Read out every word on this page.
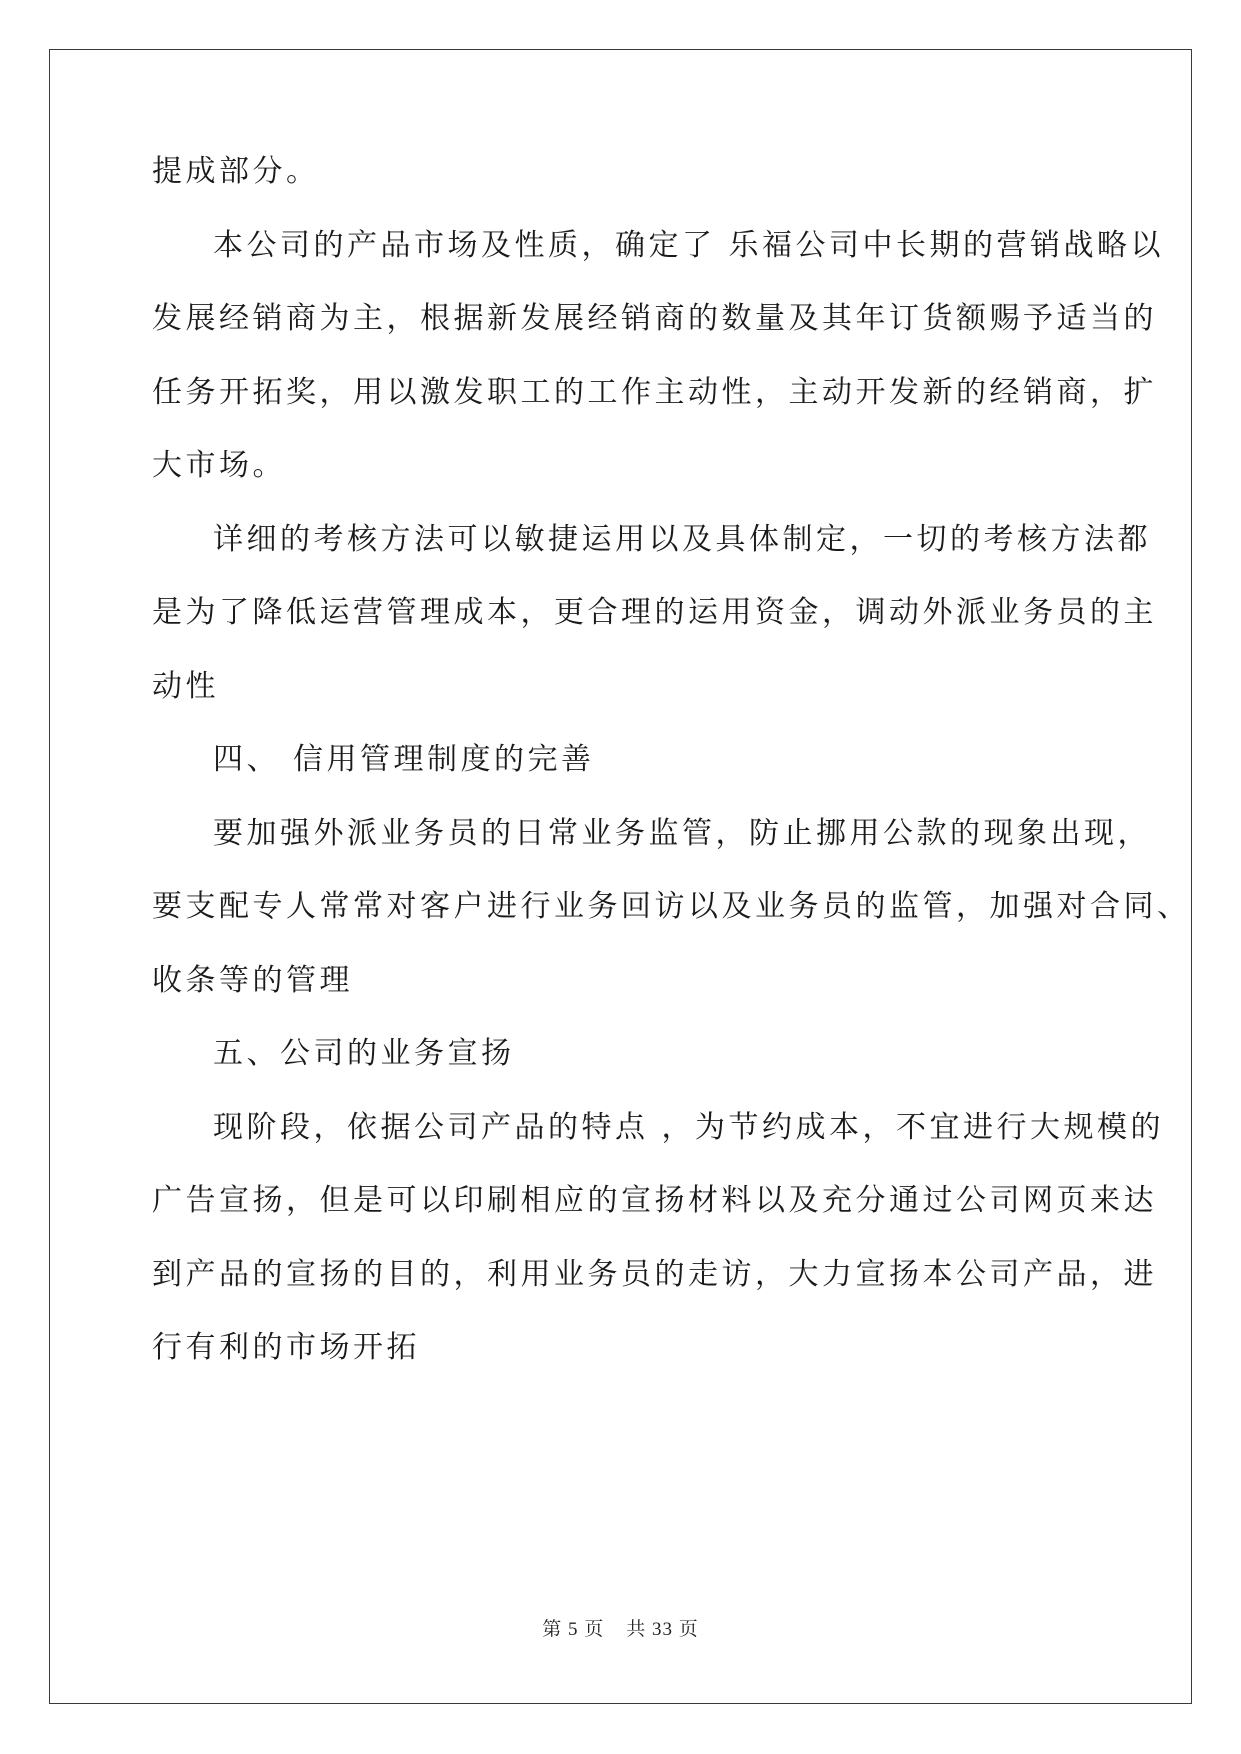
提成部分。
本公司的产品市场及性质，确定了 乐福公司中长期的营销战略以
发展经销商为主，根据新发展经销商的数量及其年订货额赐予适当的
任务开拓奖，用以激发职工的工作主动性，主动开发新的经销商，扩
大市场。
详细的考核方法可以敏捷运用以及具体制定，一切的考核方法都
是为了降低运营管理成本，更合理的运用资金，调动外派业务员的主
动性
四、 信用管理制度的完善
要加强外派业务员的日常业务监管，防止挪用公款的现象出现，
要支配专人常常对客户进行业务回访以及业务员的监管，加强对合同、
收条等的管理
五、公司的业务宣扬
现阶段，依据公司产品的特点 ，为节约成本，不宜进行大规模的
广告宣扬，但是可以印刷相应的宣扬材料以及充分通过公司网页来达
到产品的宣扬的目的，利用业务员的走访，大力宣扬本公司产品，进
行有利的市场开拓
第 5 页 共 33 页
